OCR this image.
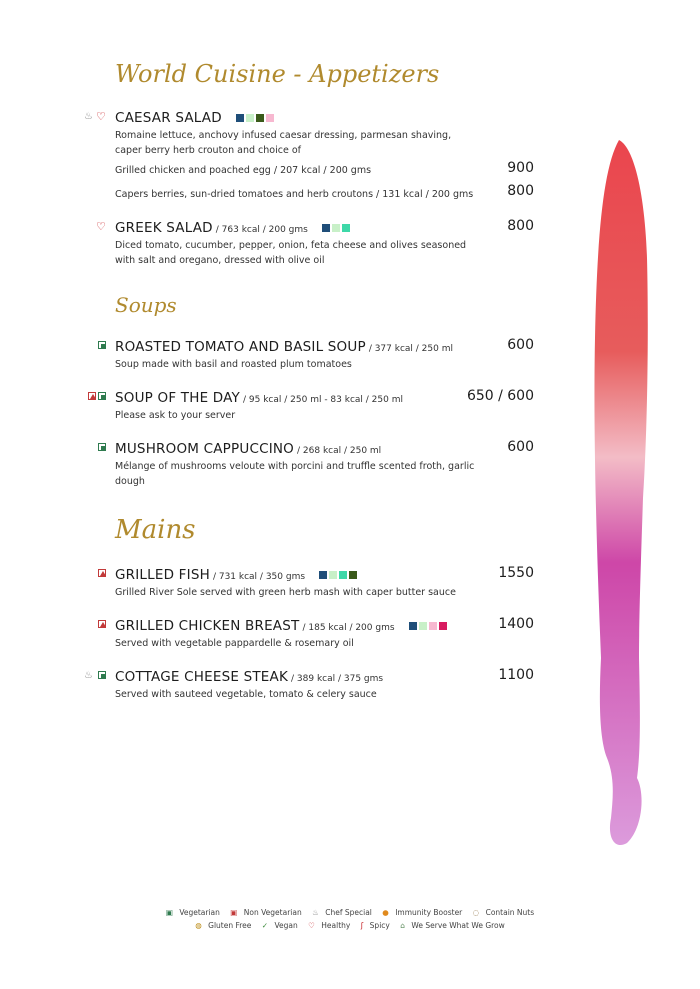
World Cuisine - Appetizers
♨ ♡ CAESAR SALAD
Romaine lettuce, anchovy infused caesar dressing, parmesan shaving, caper berry herb crouton and choice of
Grilled chicken and poached egg / 207 kcal / 200 gms	900
Capers berries, sun-dried tomatoes and herb croutons / 131 kcal / 200 gms 800
♡ GREEK SALAD / 763 kcal / 200 gms
Diced tomato, cucumber, pepper, onion, feta cheese and olives seasoned with salt and oregano, dressed with olive oil
800
Soups
ROASTED TOMATO AND BASIL SOUP / 377 kcal / 250 ml
Soup made with basil and roasted plum tomatoes
600
SOUP OF THE DAY / 95 kcal / 250 ml - 83 kcal / 250 ml
Please ask to your server
650 / 600
MUSHROOM CAPPUCCINO / 268 kcal / 250 ml
Mélange of mushrooms veloute with porcini and truffle scented froth, garlic dough
600
Mains
GRILLED FISH / 731 kcal / 350 gms
Grilled River Sole served with green herb mash with caper butter sauce
1550
GRILLED CHICKEN BREAST / 185 kcal / 200 gms
Served with vegetable pappardelle & rosemary oil
1400
♨ COTTAGE CHEESE STEAK / 389 kcal / 375 gms
Served with sauteed vegetable, tomato & celery sauce
1100
▣ Vegetarian ▣ Non Vegetarian ♨ Chef Special ● Immunity Booster ◌ Contain Nuts
◍ Gluten Free ✓ Vegan ♡ Healthy ʃ Spicy ⌂ We Serve What We Grow
